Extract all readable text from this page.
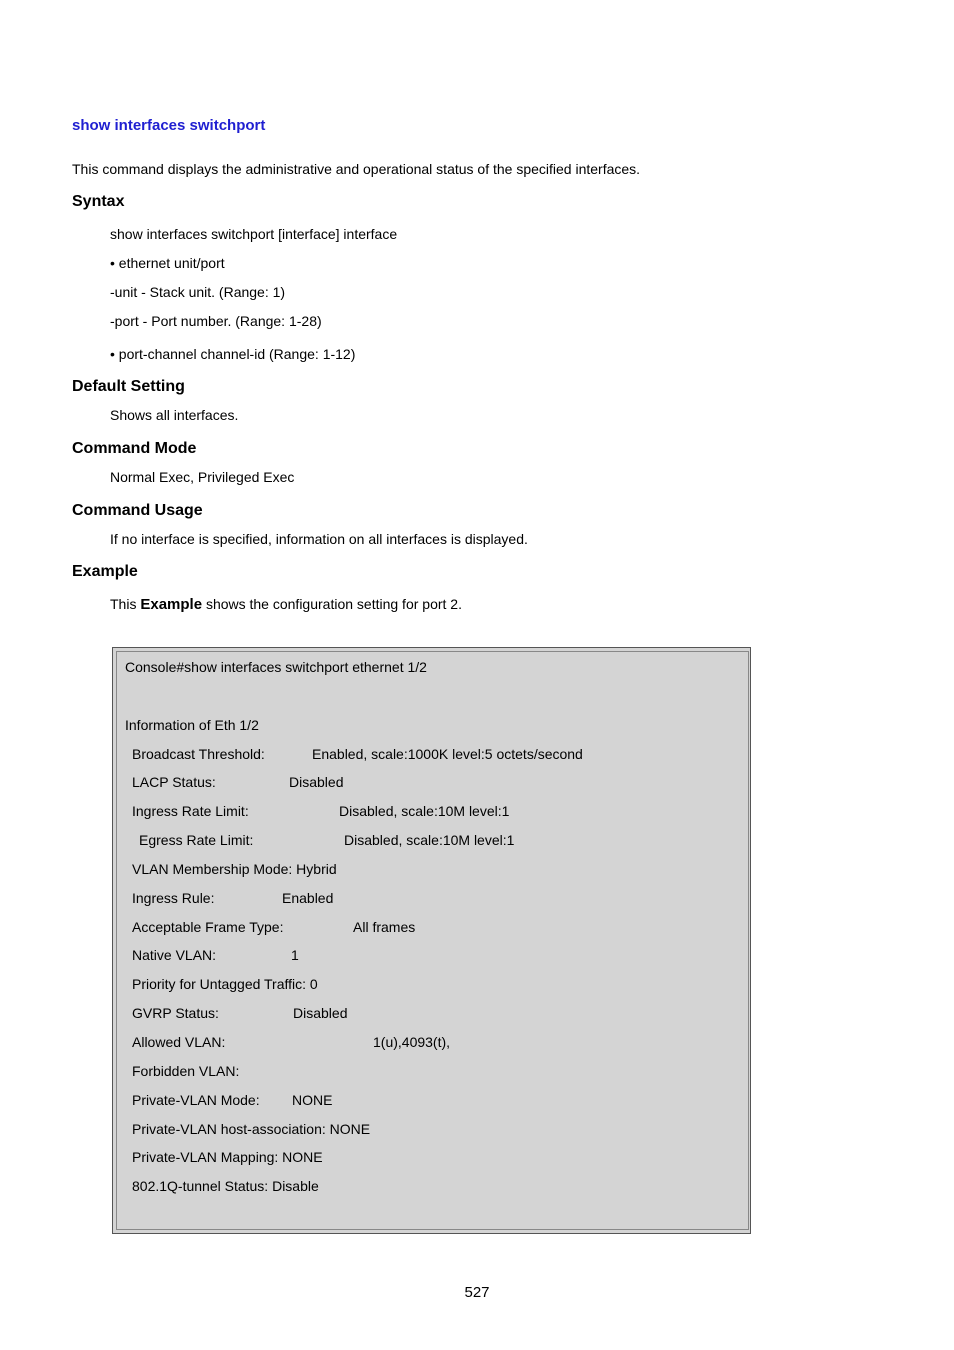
show interfaces switchport
This command displays the administrative and operational status of the specified interfaces.
Syntax
show interfaces switchport [interface] interface
• ethernet unit/port
-unit - Stack unit. (Range: 1)
-port - Port number. (Range: 1-28)
• port-channel channel-id (Range: 1-12)
Default Setting
Shows all interfaces.
Command Mode
Normal Exec, Privileged Exec
Command Usage
If no interface is specified, information on all interfaces is displayed.
Example
This Example shows the configuration setting for port 2.
Console#show interfaces switchport ethernet 1/2
Information of Eth 1/2
Broadcast Threshold:	Enabled, scale:1000K level:5 octets/second
LACP Status:	Disabled
Ingress Rate Limit:	Disabled, scale:10M level:1
Egress Rate Limit:	Disabled, scale:10M level:1
VLAN Membership Mode: Hybrid
Ingress Rule:	Enabled
Acceptable Frame Type:	All frames
Native VLAN:	1
Priority for Untagged Traffic: 0
GVRP Status:	Disabled
Allowed VLAN:	1(u),4093(t),
Forbidden VLAN:
Private-VLAN Mode: NONE
Private-VLAN host-association: NONE
Private-VLAN Mapping: NONE
802.1Q-tunnel Status: Disable
527
